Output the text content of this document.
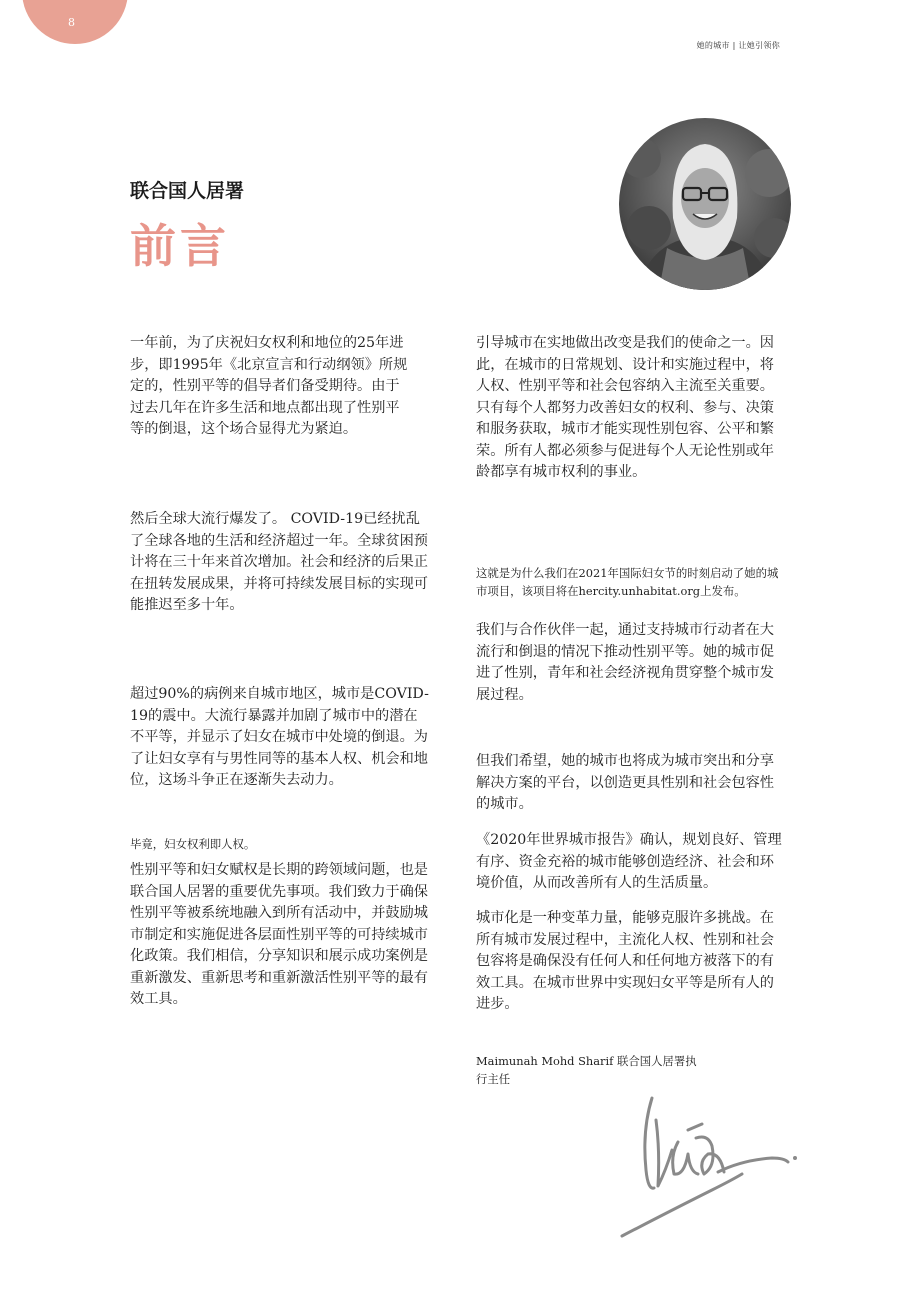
8
她的城市 | 让她引领你
联合国人居署
前言

一年前，为了庆祝妇女权利和地位的25年进步，即1995年《北京宣言和行动纲领》所规定的，性别平等的倡导者们备受期待。由于过去几年在许多生活和地点都出现了性别平等的倒退，这个场合显得尤为紧迫。

然后全球大流行爆发了。 COVID-19已经扰乱了全球各地的生活和经济超过一年。全球贫困预计将在三十年来首次增加。社会和经济的后果正在扭转发展成果，并将可持续发展目标的实现可能推迟至多十年。

超过90%的病例来自城市地区，城市是COVID-19的震中。大流行暴露并加剧了城市中的潜在不平等，并显示了妇女在城市中处境的倒退。为了让妇女享有与男性同等的基本人权、机会和地位，这场斗争正在逐渐失去动力。

毕竟，妇女权利即人权。

性别平等和妇女赋权是长期的跨领域问题，也是联合国人居署的重要优先事项。我们致力于确保性别平等被系统地融入到所有活动中，并鼓励城市制定和实施促进各层面性别平等的可持续城市化政策。我们相信，分享知识和展示成功案例是重新激发、重新思考和重新激活性别平等的最有效工具。

引导城市在实地做出改变是我们的使命之一。因此，在城市的日常规划、设计和实施过程中，将人权、性别平等和社会包容纳入主流至关重要。只有每个人都努力改善妇女的权利、参与、决策和服务获取，城市才能实现性别包容、公平和繁荣。所有人都必须参与促进每个人无论性别或年龄都享有城市权利的事业。

这就是为什么我们在2021年国际妇女节的时刻启动了她的城市项目，该项目将在hercity.unhabitat.org上发布。

我们与合作伙伴一起，通过支持城市行动者在大流行和倒退的情况下推动性别平等。她的城市促进了性别，青年和社会经济视角贯穿整个城市发展过程。

但我们希望，她的城市也将成为城市突出和分享解决方案的平台，以创造更具性别和社会包容性的城市。

《2020年世界城市报告》确认，规划良好、管理有序、资金充裕的城市能够创造经济、社会和环境价值，从而改善所有人的生活质量。

城市化是一种变革力量，能够克服许多挑战。在所有城市发展过程中，主流化人权、性别和社会包容将是确保没有任何人和任何地方被落下的有效工具。在城市世界中实现妇女平等是所有人的进步。

Maimunah Mohd Sharif 联合国人居署执行主任
